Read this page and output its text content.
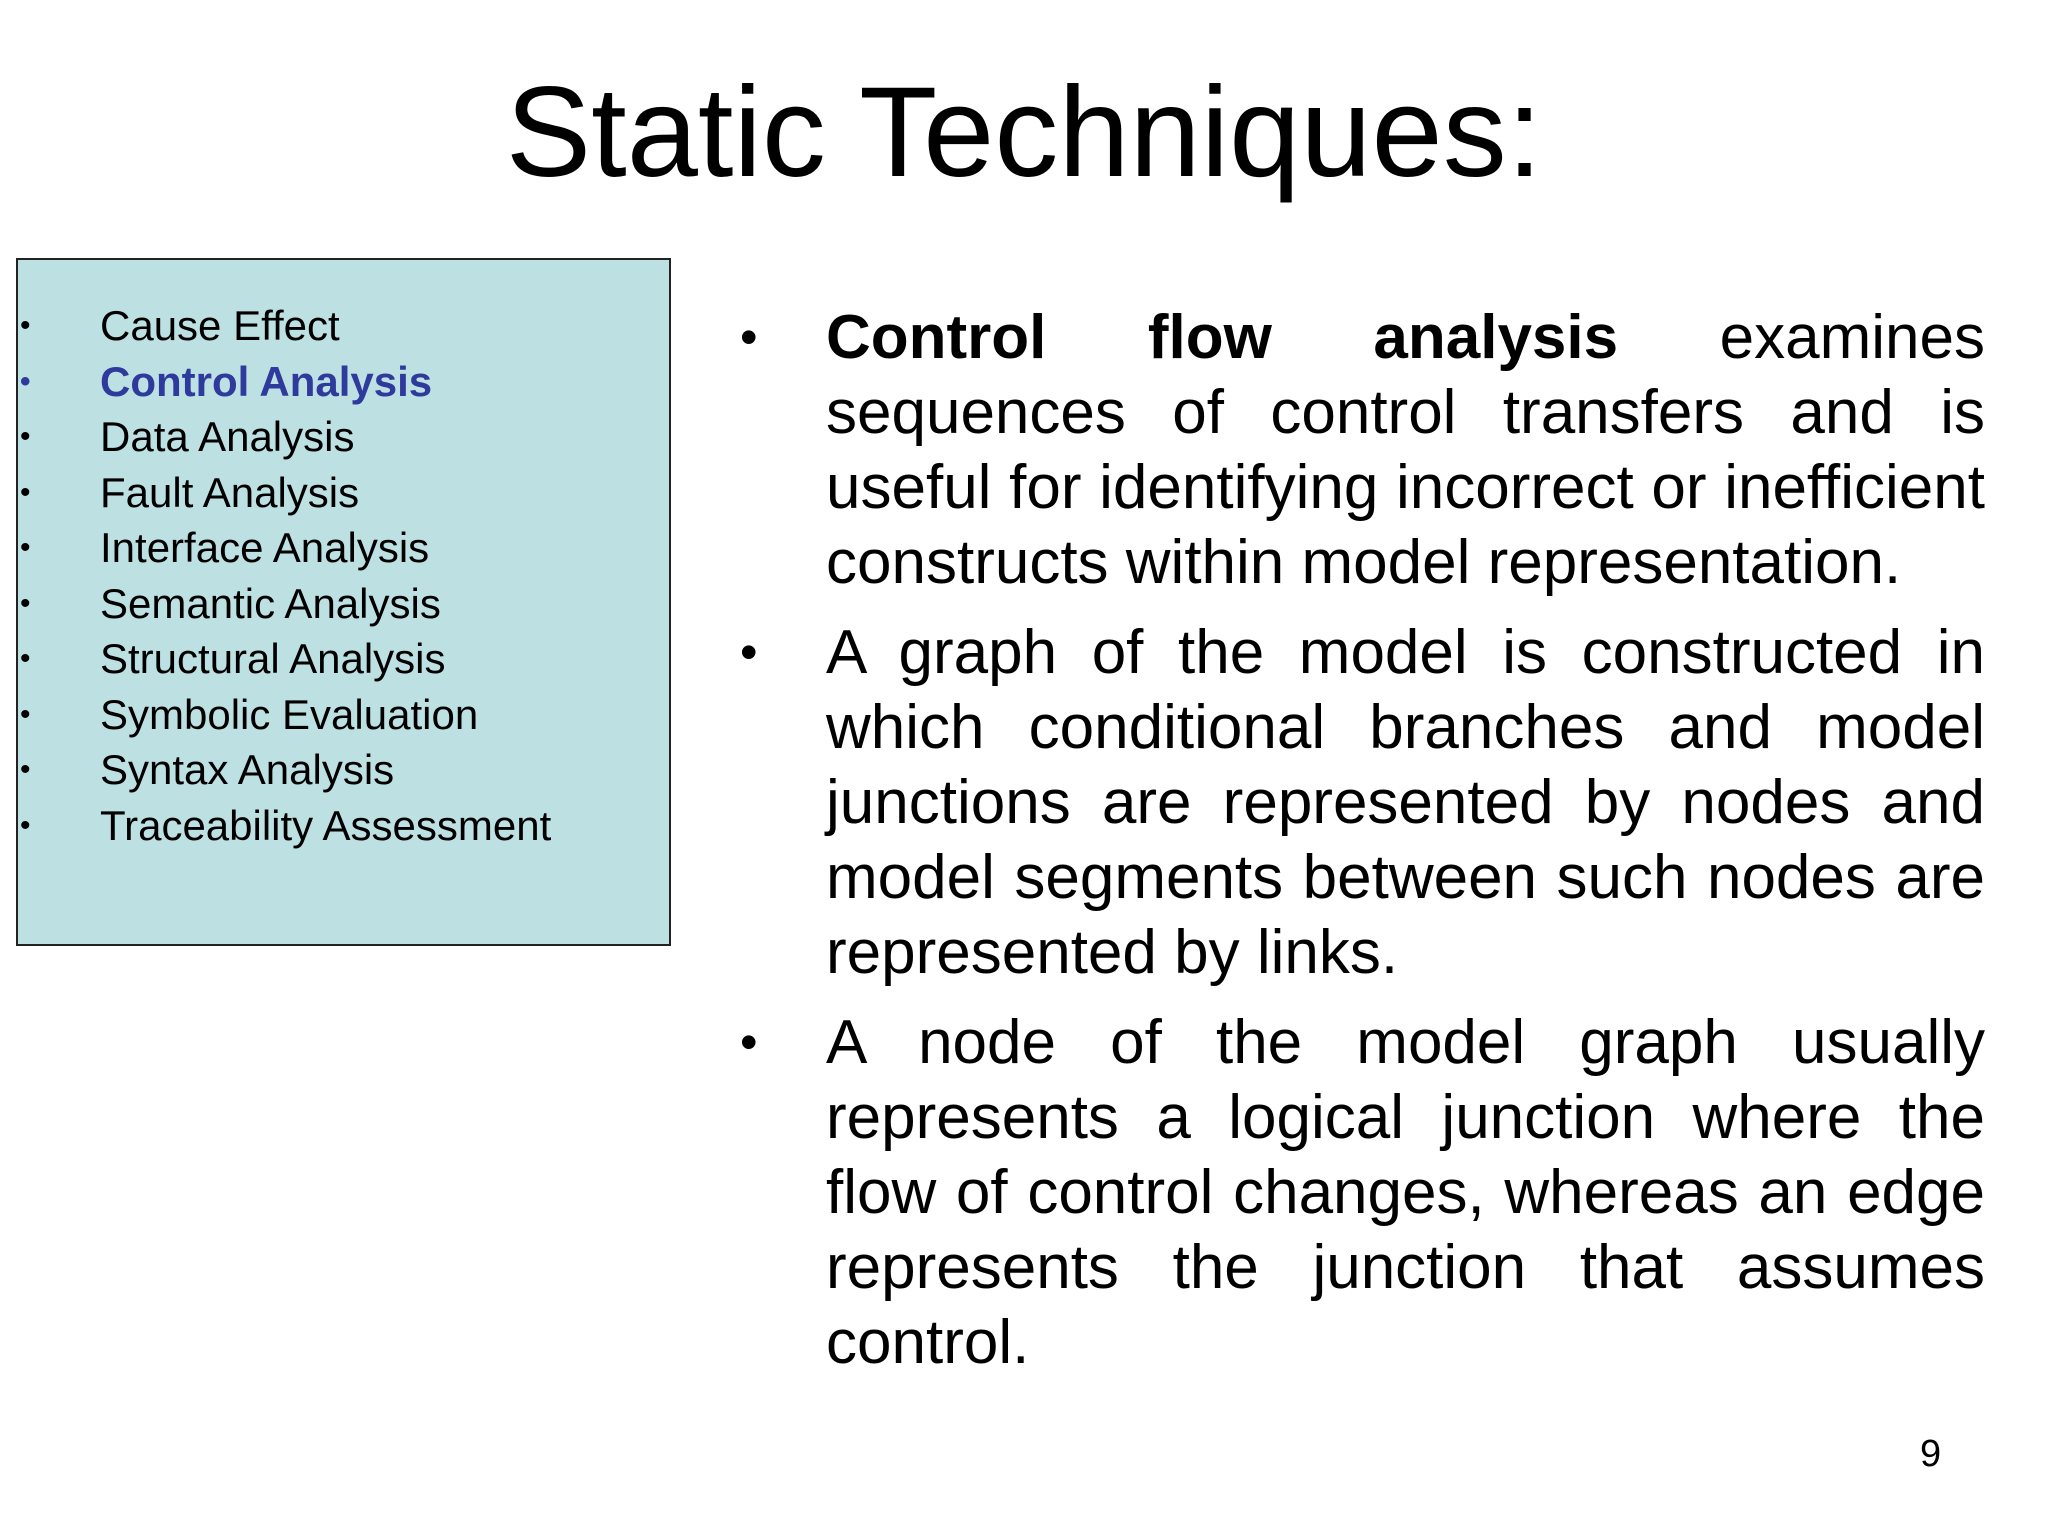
Static Techniques:
• Cause Effect
• Control Analysis
• Data Analysis
• Fault Analysis
• Interface Analysis
• Semantic Analysis
• Structural Analysis
• Symbolic Evaluation
• Syntax Analysis
• Traceability Assessment

• Control flow analysis examines sequences of control transfers and is useful for identifying incorrect or inefficient constructs within model representation.

• A graph of the model is constructed in which conditional branches and model junctions are represented by nodes and model segments between such nodes are represented by links.

• A node of the model graph usually represents a logical junction where the flow of control changes, whereas an edge represents the junction that assumes control.

9
